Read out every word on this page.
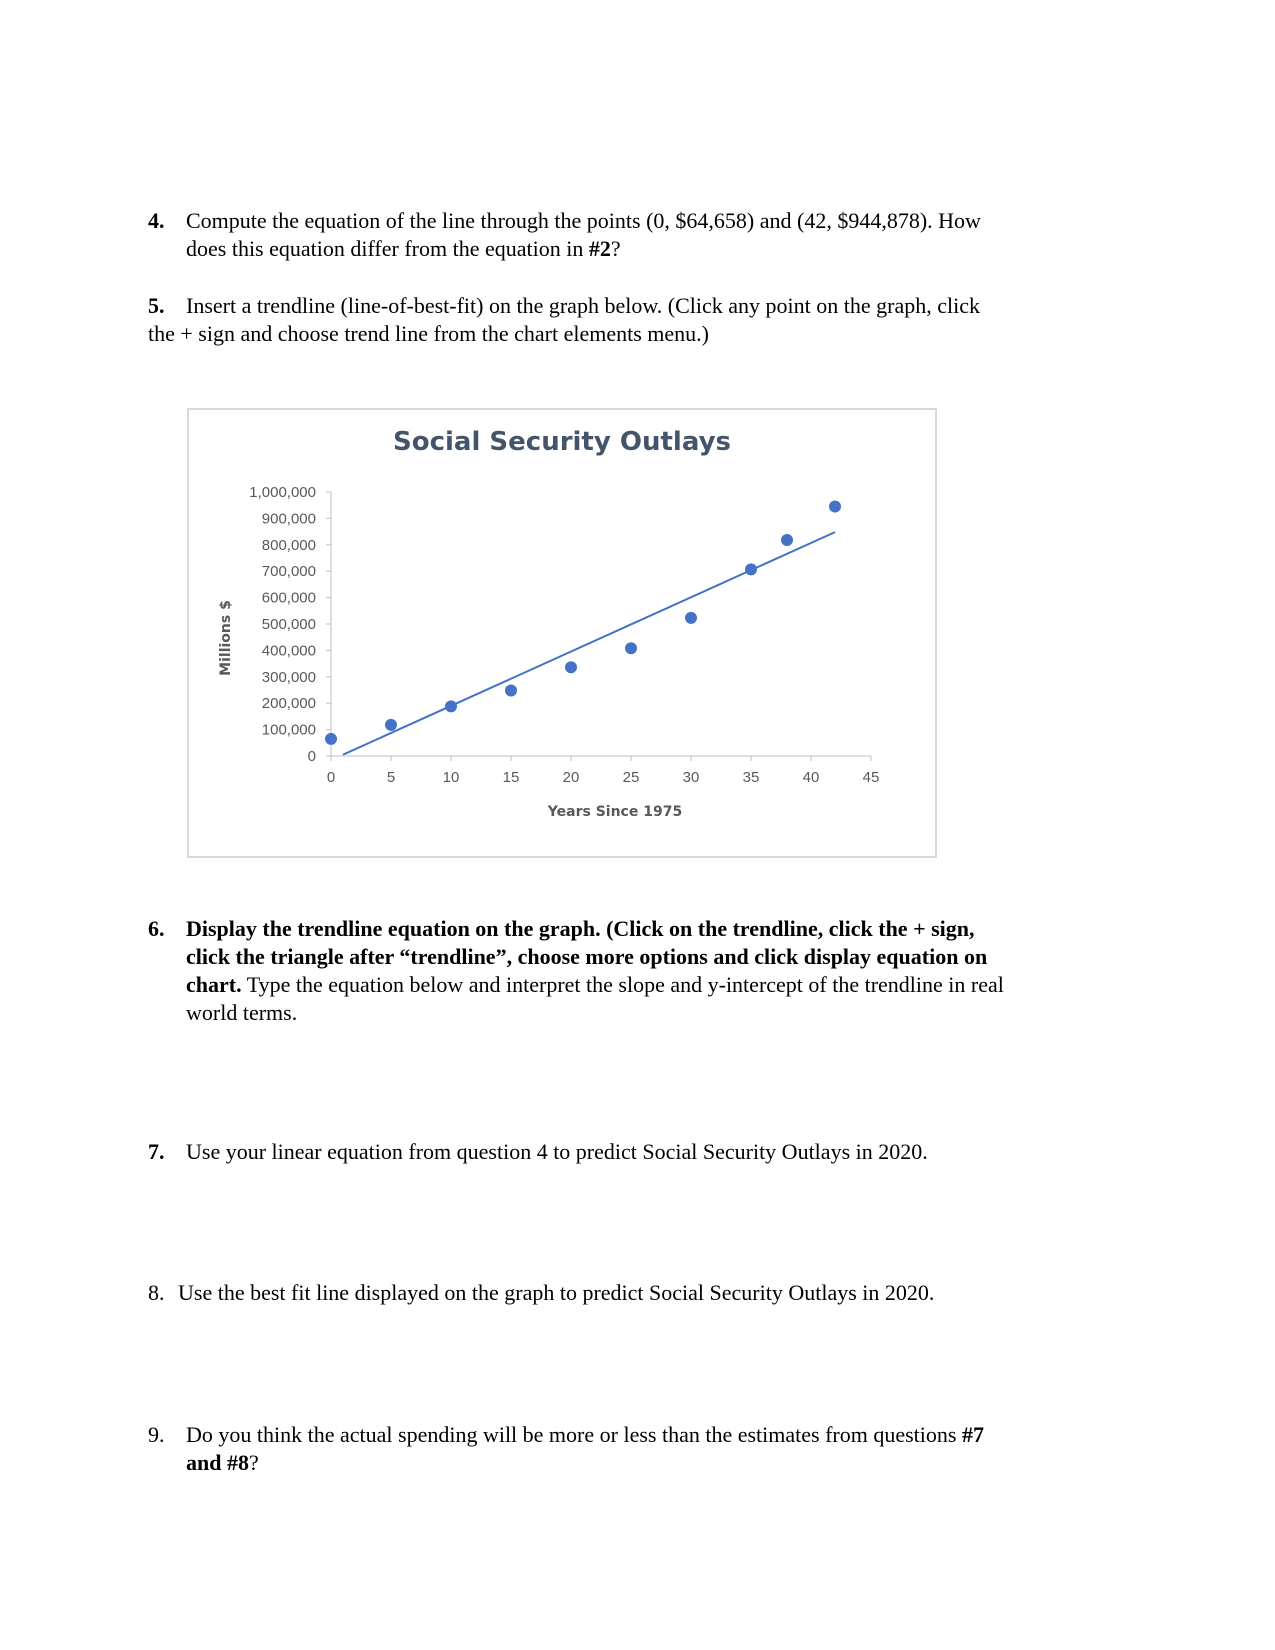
4. Compute the equation of the line through the points (0, $64,658) and (42, $944,878). How
does this equation differ from the equation in #2?
5. Insert a trendline (line-of-best-fit) on the graph below. (Click any point on the graph, click
the + sign and choose trend line from the chart elements menu.)
Social Security Outlays
0
100,000
200,000
300,000
400,000
500,000
600,000
700,000
800,000
900,000
1,000,000
0	5	10	15	20	25	30	35	40	45
Years Since 1975
Millions $
6. Display the trendline equation on the graph. (Click on the trendline, click the + sign,
click the triangle after “trendline”, choose more options and click display equation on
chart. Type the equation below and interpret the slope and y-intercept of the trendline in real
world terms.
7. Use your linear equation from question 4 to predict Social Security Outlays in 2020.
8. Use the best fit line displayed on the graph to predict Social Security Outlays in 2020.
9. Do you think the actual spending will be more or less than the estimates from questions #7
and #8?
